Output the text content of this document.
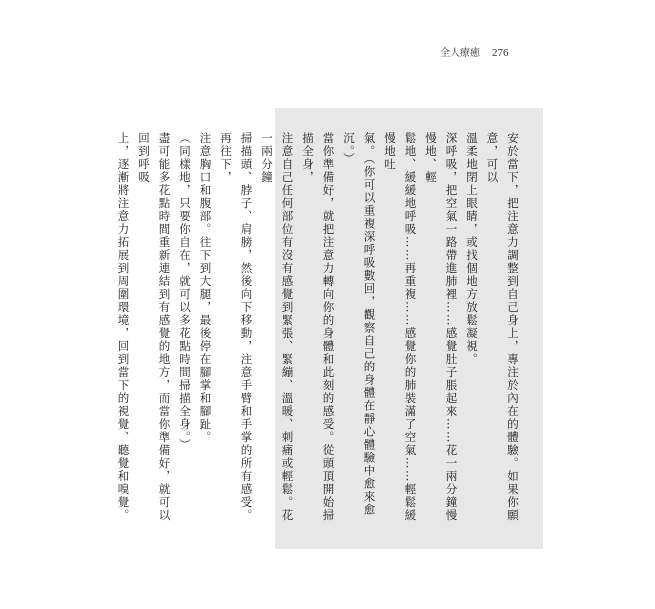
全人療癒 276

安於當下，把注意力調整到自己身上，專注於內在的體驗。如果你願意，可以

溫柔地閉上眼睛，或找個地方放鬆凝視。

深呼吸，把空氣一路帶進肺裡……感覺肚子脹起來……花一兩分鐘慢慢地、輕

鬆地、緩緩地呼吸……再重複……感覺你的肺裝滿了空氣……輕鬆緩慢地吐

氣。（你可以重複深呼吸數回，觀察自己的身體在靜心體驗中愈來愈沉。）

當你準備好，就把注意力轉向你的身體和此刻的感受。從頭頂開始掃描全身，

注意自己任何部位有沒有感覺到緊張、緊繃、溫暖、刺痛或輕鬆。花一兩分鐘

掃描頭、脖子、肩膀，然後向下移動，注意手臂和手掌的所有感受。再往下，

注意胸口和腹部。往下到大腿，最後停在腳掌和腳趾。

（同樣地，只要你自在，就可以多花點時間掃描全身。）

盡可能多花點時間重新連結到有感覺的地方，而當你準備好，就可以回到呼吸

上，逐漸將注意力拓展到周圍環境，回到當下的視覺、聽覺和嗅覺。
